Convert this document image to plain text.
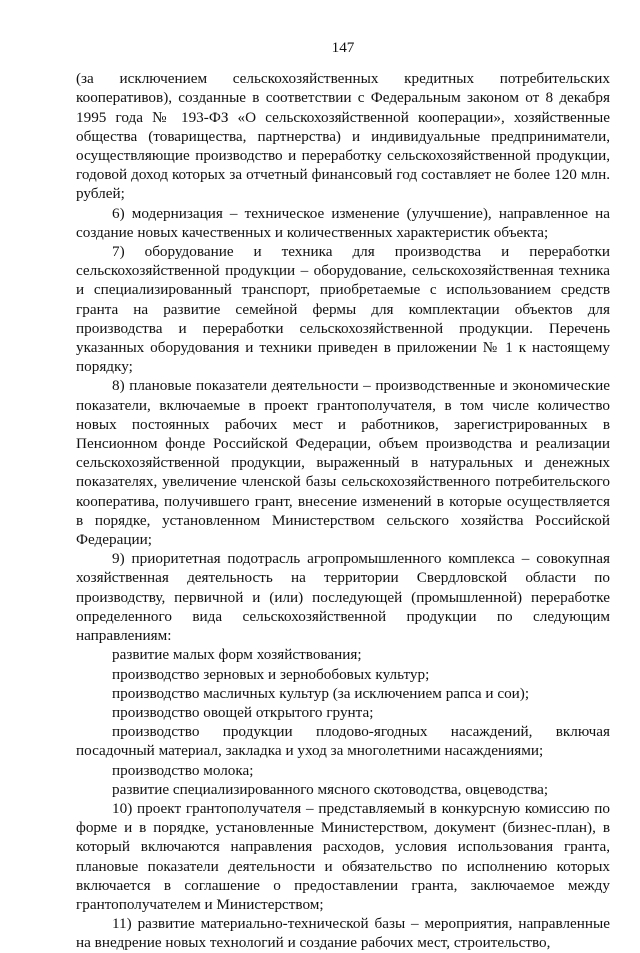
147

(за исключением сельскохозяйственных кредитных потребительских кооперативов), созданные в соответствии с Федеральным законом от 8 декабря 1995 года № 193-ФЗ «О сельскохозяйственной кооперации», хозяйственные общества (товарищества, партнерства) и индивидуальные предприниматели, осуществляющие производство и переработку сельскохозяйственной продукции, годовой доход которых за отчетный финансовый год составляет не более 120 млн. рублей;

6) модернизация – техническое изменение (улучшение), направленное на создание новых качественных и количественных характеристик объекта;

7) оборудование и техника для производства и переработки сельскохозяйственной продукции – оборудование, сельскохозяйственная техника и специализированный транспорт, приобретаемые с использованием средств гранта на развитие семейной фермы для комплектации объектов для производства и переработки сельскохозяйственной продукции. Перечень указанных оборудования и техники приведен в приложении № 1 к настоящему порядку;

8) плановые показатели деятельности – производственные и экономические показатели, включаемые в проект грантополучателя, в том числе количество новых постоянных рабочих мест и работников, зарегистрированных в Пенсионном фонде Российской Федерации, объем производства и реализации сельскохозяйственной продукции, выраженный в натуральных и денежных показателях, увеличение членской базы сельскохозяйственного потребительского кооператива, получившего грант, внесение изменений в которые осуществляется в порядке, установленном Министерством сельского хозяйства Российской Федерации;

9) приоритетная подотрасль агропромышленного комплекса – совокупная хозяйственная деятельность на территории Свердловской области по производству, первичной и (или) последующей (промышленной) переработке определенного вида сельскохозяйственной продукции по следующим направлениям:

развитие малых форм хозяйствования;

производство зерновых и зернобобовых культур;

производство масличных культур (за исключением рапса и сои);

производство овощей открытого грунта;

производство продукции плодово-ягодных насаждений, включая посадочный материал, закладка и уход за многолетними насаждениями;

производство молока;

развитие специализированного мясного скотоводства, овцеводства;

10) проект грантополучателя – представляемый в конкурсную комиссию по форме и в порядке, установленные Министерством, документ (бизнес-план), в который включаются направления расходов, условия использования гранта, плановые показатели деятельности и обязательство по исполнению которых включается в соглашение о предоставлении гранта, заключаемое между грантополучателем и Министерством;

11) развитие материально-технической базы – мероприятия, направленные на внедрение новых технологий и создание рабочих мест, строительство,
